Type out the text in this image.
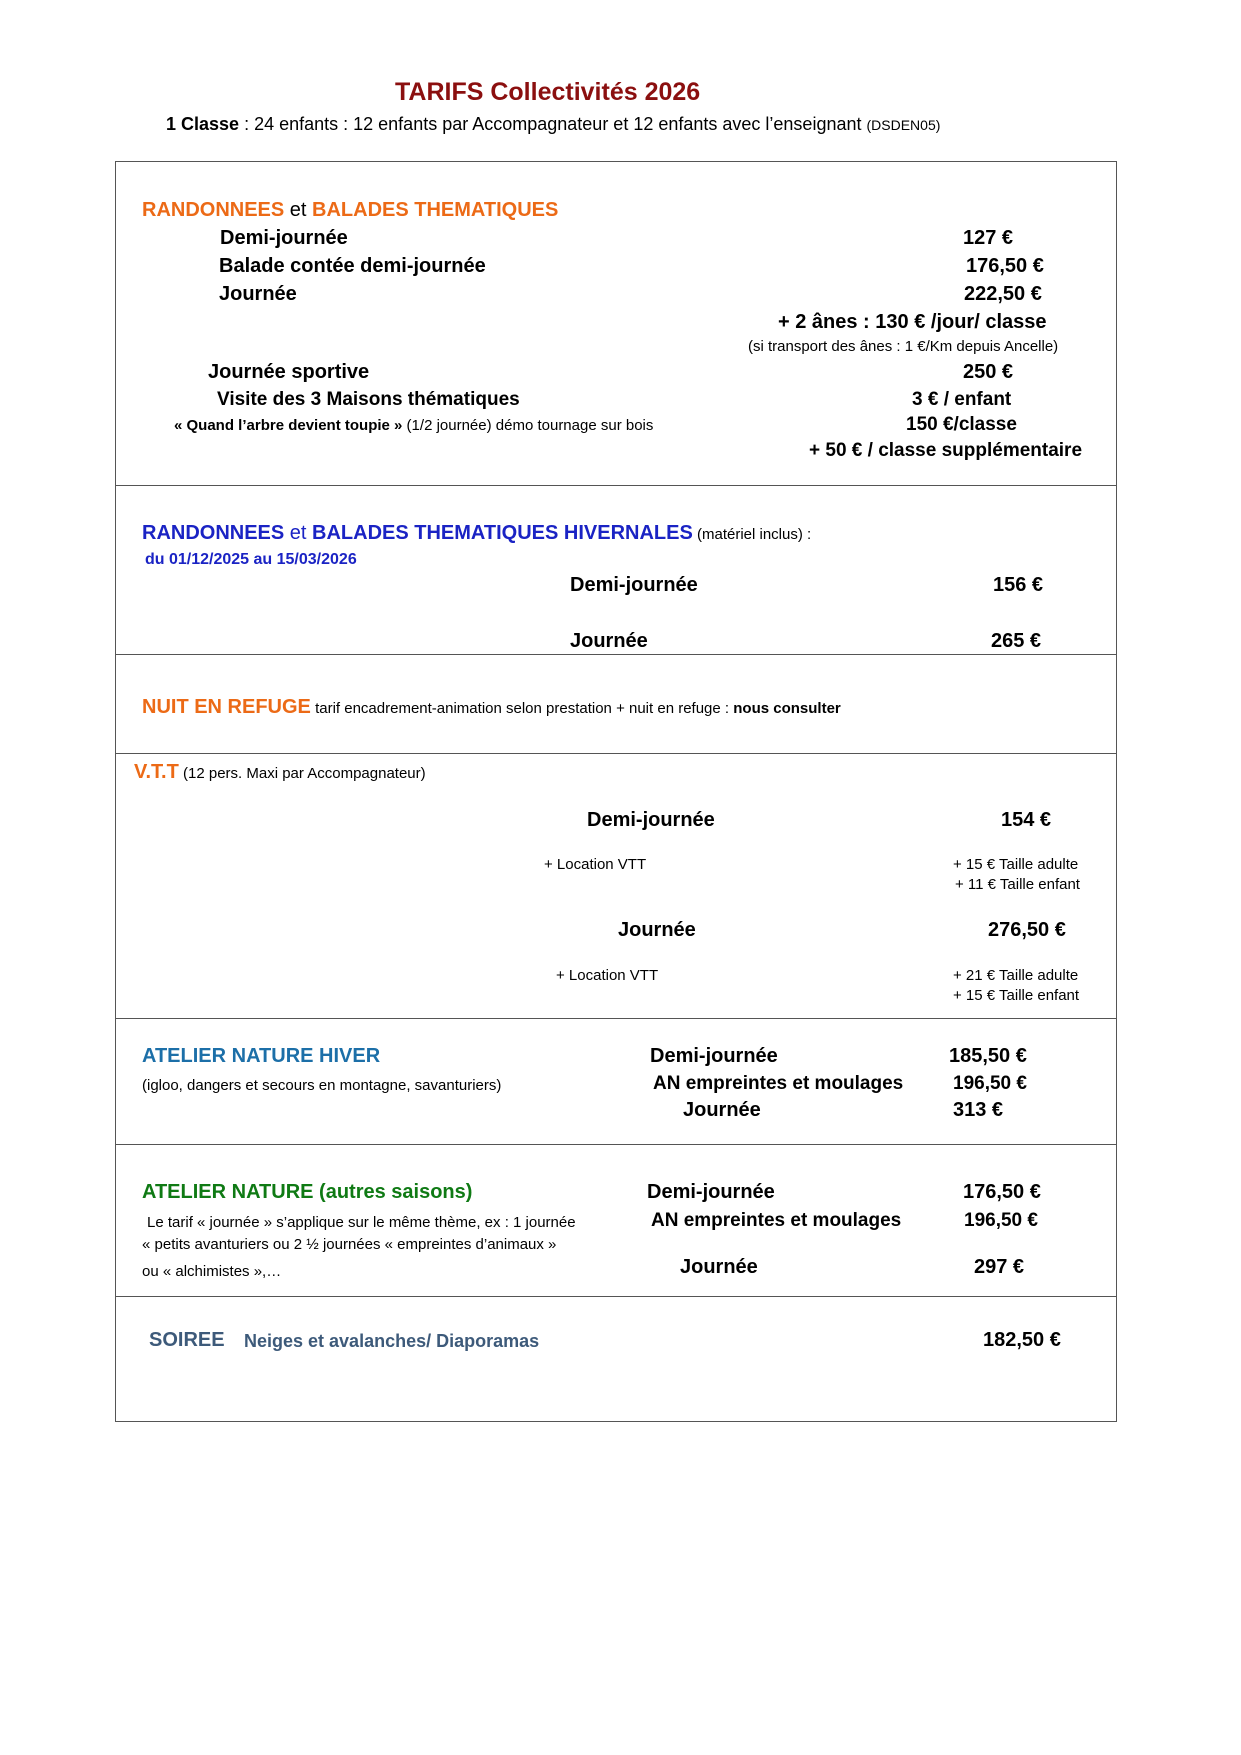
TARIFS Collectivités 2026
1 Classe : 24 enfants : 12 enfants par Accompagnateur et 12 enfants avec l’enseignant (DSDEN05)
RANDONNEES et BALADES THEMATIQUES
Demi-journée	127 €
Balade contée demi-journée	176,50 €
Journée	222,50 €
+ 2 ânes : 130 € /jour/ classe
(si transport des ânes : 1 €/Km depuis Ancelle)
Journée sportive	250 €
Visite des 3 Maisons thématiques	3 € / enfant
« Quand l’arbre devient toupie » (1/2 journée) démo tournage sur bois	150 €/classe
+ 50 € / classe supplémentaire
RANDONNEES et BALADES THEMATIQUES HIVERNALES (matériel inclus) :
du 01/12/2025 au 15/03/2026
Demi-journée	156 €
Journée	265 €
NUIT EN REFUGE tarif encadrement-animation selon prestation + nuit en refuge : nous consulter
V.T.T (12 pers. Maxi par Accompagnateur)
Demi-journée	154 €
+ Location VTT	+ 15 € Taille adulte
+ 11 € Taille enfant
Journée	276,50 €
+ Location VTT	+ 21 € Taille adulte
+ 15 € Taille enfant
ATELIER NATURE HIVER
(igloo, dangers et secours en montagne, savanturiers)
Demi-journée	185,50 €
AN empreintes et moulages	196,50 €
Journée	313 €
ATELIER NATURE (autres saisons)
Le tarif « journée » s’applique sur le même thème, ex : 1 journée
« petits avanturiers ou 2 ½ journées « empreintes d’animaux »
ou « alchimistes »,…
Demi-journée	176,50 €
AN empreintes et moulages	196,50 €
Journée	297 €
SOIREE Neiges et avalanches/ Diaporamas	182,50 €
